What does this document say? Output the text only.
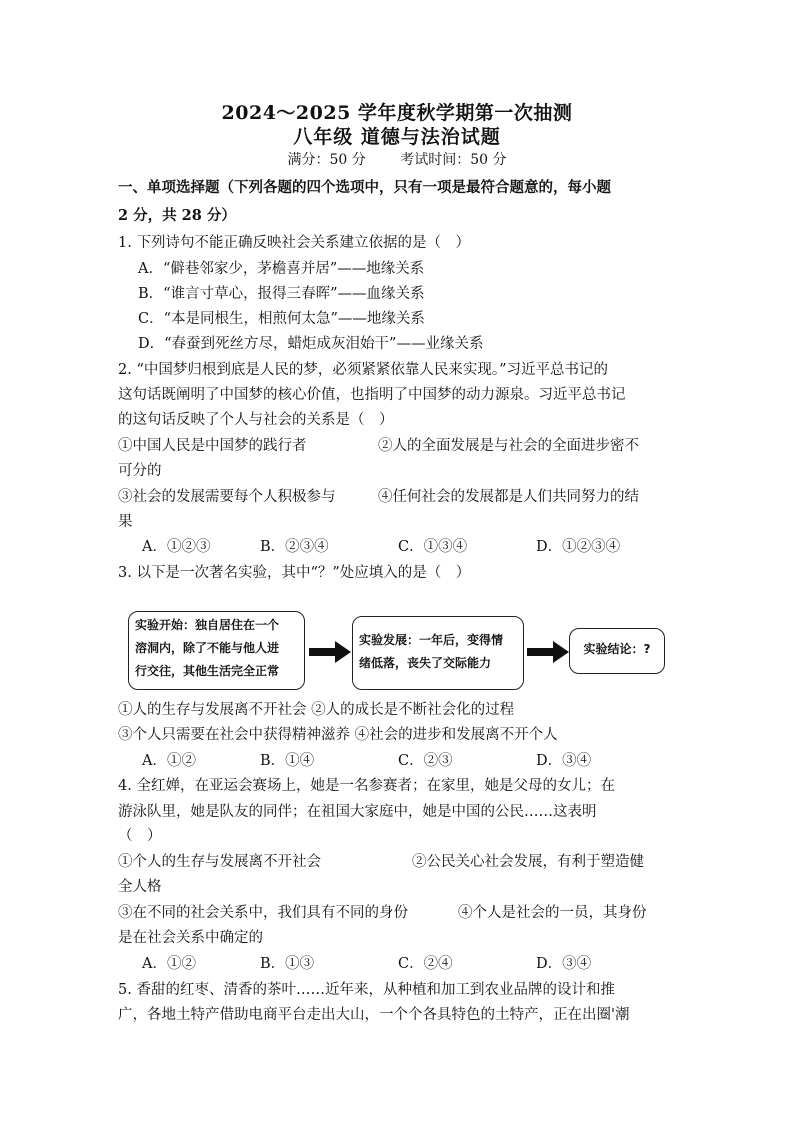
2024～2025 学年度秋学期第一次抽测
八年级 道德与法治试题
满分：50 分 考试时间：50 分
一、单项选择题（下列各题的四个选项中，只有一项是最符合题意的，每小题
2 分，共 28 分）
1. 下列诗句不能正确反映社会关系建立依据的是（　）
A．“僻巷邻家少，茅檐喜并居”——地缘关系
B．“谁言寸草心，报得三春晖”——血缘关系
C．“本是同根生，相煎何太急”——地缘关系
D．“春蚕到死丝方尽，蜡炬成灰泪始干”——业缘关系
2. “中国梦归根到底是人民的梦，必须紧紧依靠人民来实现。”习近平总书记的
这句话既阐明了中国梦的核心价值，也指明了中国梦的动力源泉。习近平总书记
的这句话反映了个人与社会的关系是（　）
①中国人民是中国梦的践行者	②人的全面发展是与社会的全面进步密不
可分的
③社会的发展需要每个人积极参与	④任何社会的发展都是人们共同努力的结
果
A．①②③	B．②③④	C．①③④	D．①②③④
3. 以下是一次著名实验，其中“？”处应填入的是（　）
实验开始：独自居住在一个
溶洞内，除了不能与他人进
行交往，其他生活完全正常
实验发展：一年后，变得情
绪低落，丧失了交际能力
实验结论：?
①人的生存与发展离不开社会 ②人的成长是不断社会化的过程
③个人只需要在社会中获得精神滋养 ④社会的进步和发展离不开个人
A．①②	B．①④	C．②③	D．③④
4. 全红婵，在亚运会赛场上，她是一名参赛者；在家里，她是父母的女儿；在
游泳队里，她是队友的同伴；在祖国大家庭中，她是中国的公民……这表明
（　）
①个人的生存与发展离不开社会	②公民关心社会发展，有利于塑造健
全人格
③在不同的社会关系中，我们具有不同的身份	④个人是社会的一员，其身份
是在社会关系中确定的
A．①②	B．①③	C．②④	D．③④
5. 香甜的红枣、清香的茶叶……近年来，从种植和加工到农业品牌的设计和推
广，各地土特产借助电商平台走出大山，一个个各具特色的土特产，正在出圈'潮
